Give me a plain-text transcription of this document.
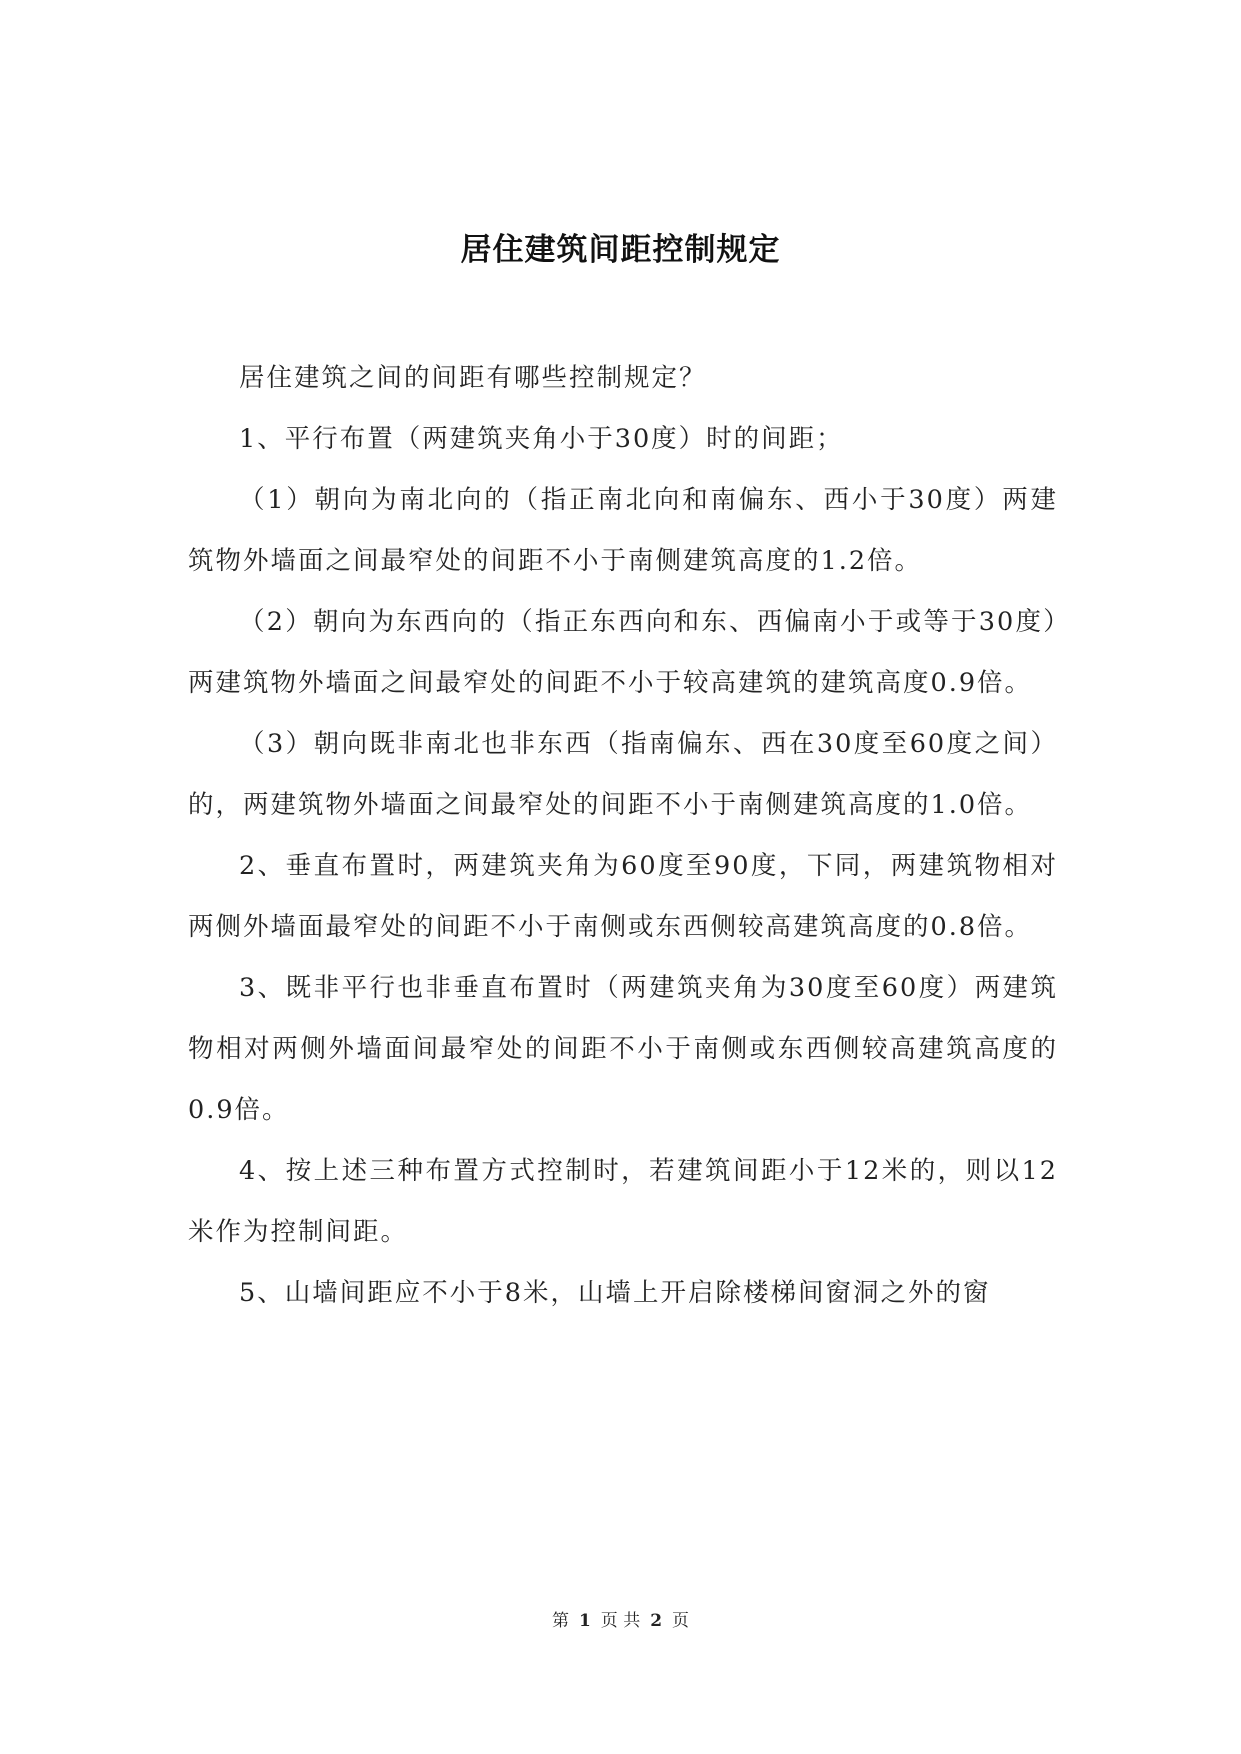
居住建筑间距控制规定

居住建筑之间的间距有哪些控制规定？

1、平行布置（两建筑夹角小于30度）时的间距；

（1）朝向为南北向的（指正南北向和南偏东、西小于30度）两建筑物外墙面之间最窄处的间距不小于南侧建筑高度的1.2倍。

（2）朝向为东西向的（指正东西向和东、西偏南小于或等于30度）两建筑物外墙面之间最窄处的间距不小于较高建筑的建筑高度0.9倍。

（3）朝向既非南北也非东西（指南偏东、西在30度至60度之间）的，两建筑物外墙面之间最窄处的间距不小于南侧建筑高度的1.0倍。

2、垂直布置时，两建筑夹角为60度至90度，下同，两建筑物相对两侧外墙面最窄处的间距不小于南侧或东西侧较高建筑高度的0.8倍。

3、既非平行也非垂直布置时（两建筑夹角为30度至60度）两建筑物相对两侧外墙面间最窄处的间距不小于南侧或东西侧较高建筑高度的0.9倍。

4、按上述三种布置方式控制时，若建筑间距小于12米的，则以12米作为控制间距。

5、山墙间距应不小于8米，山墙上开启除楼梯间窗洞之外的窗

第 1 页 共 2 页
